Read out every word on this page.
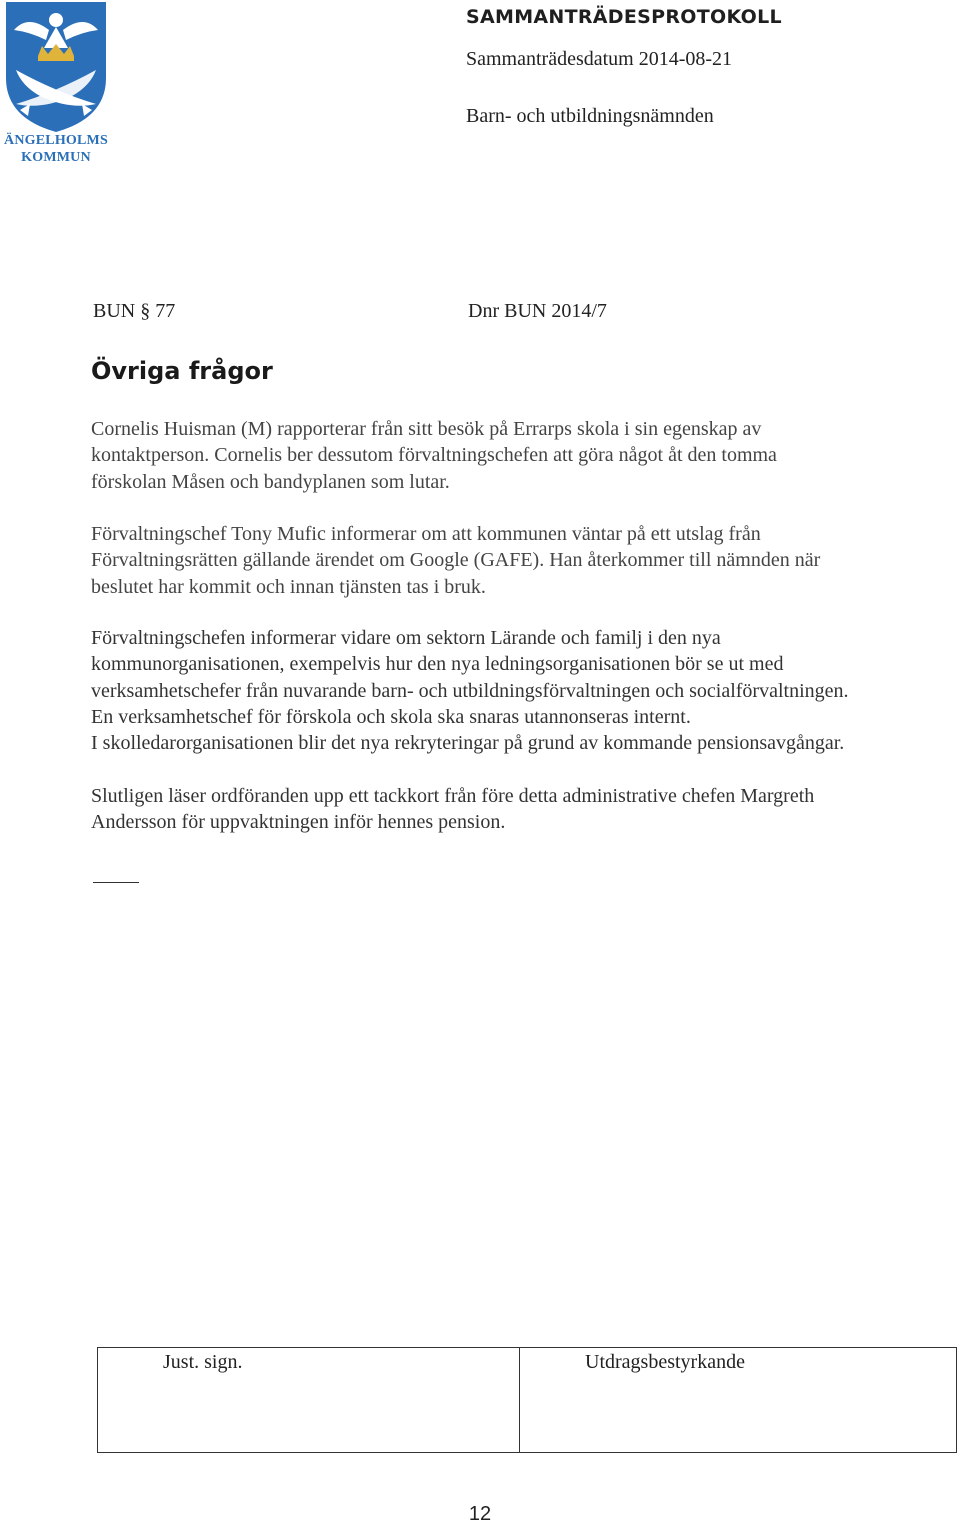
ÄNGELHOLMS
KOMMUN
SAMMANTRÄDESPROTOKOLL
Sammanträdesdatum 2014-08-21
Barn- och utbildningsnämnden
BUN § 77	Dnr BUN 2014/7
Övriga frågor

Cornelis Huisman (M) rapporterar från sitt besök på Errarps skola i sin egenskap av
kontaktperson. Cornelis ber dessutom förvaltningschefen att göra något åt den tomma
förskolan Måsen och bandyplanen som lutar.

Förvaltningschef Tony Mufic informerar om att kommunen väntar på ett utslag från
Förvaltningsrätten gällande ärendet om Google (GAFE). Han återkommer till nämnden när
beslutet har kommit och innan tjänsten tas i bruk.

Förvaltningschefen informerar vidare om sektorn Lärande och familj i den nya
kommunorganisationen, exempelvis hur den nya ledningsorganisationen bör se ut med
verksamhetschefer från nuvarande barn- och utbildningsförvaltningen och socialförvaltningen.
En verksamhetschef för förskola och skola ska snaras utannonseras internt.
I skolledarorganisationen blir det nya rekryteringar på grund av kommande pensionsavgångar.

Slutligen läser ordföranden upp ett tackkort från före detta administrative chefen Margreth
Andersson för uppvaktningen inför hennes pension.

Just. sign.	Utdragsbestyrkande
12
